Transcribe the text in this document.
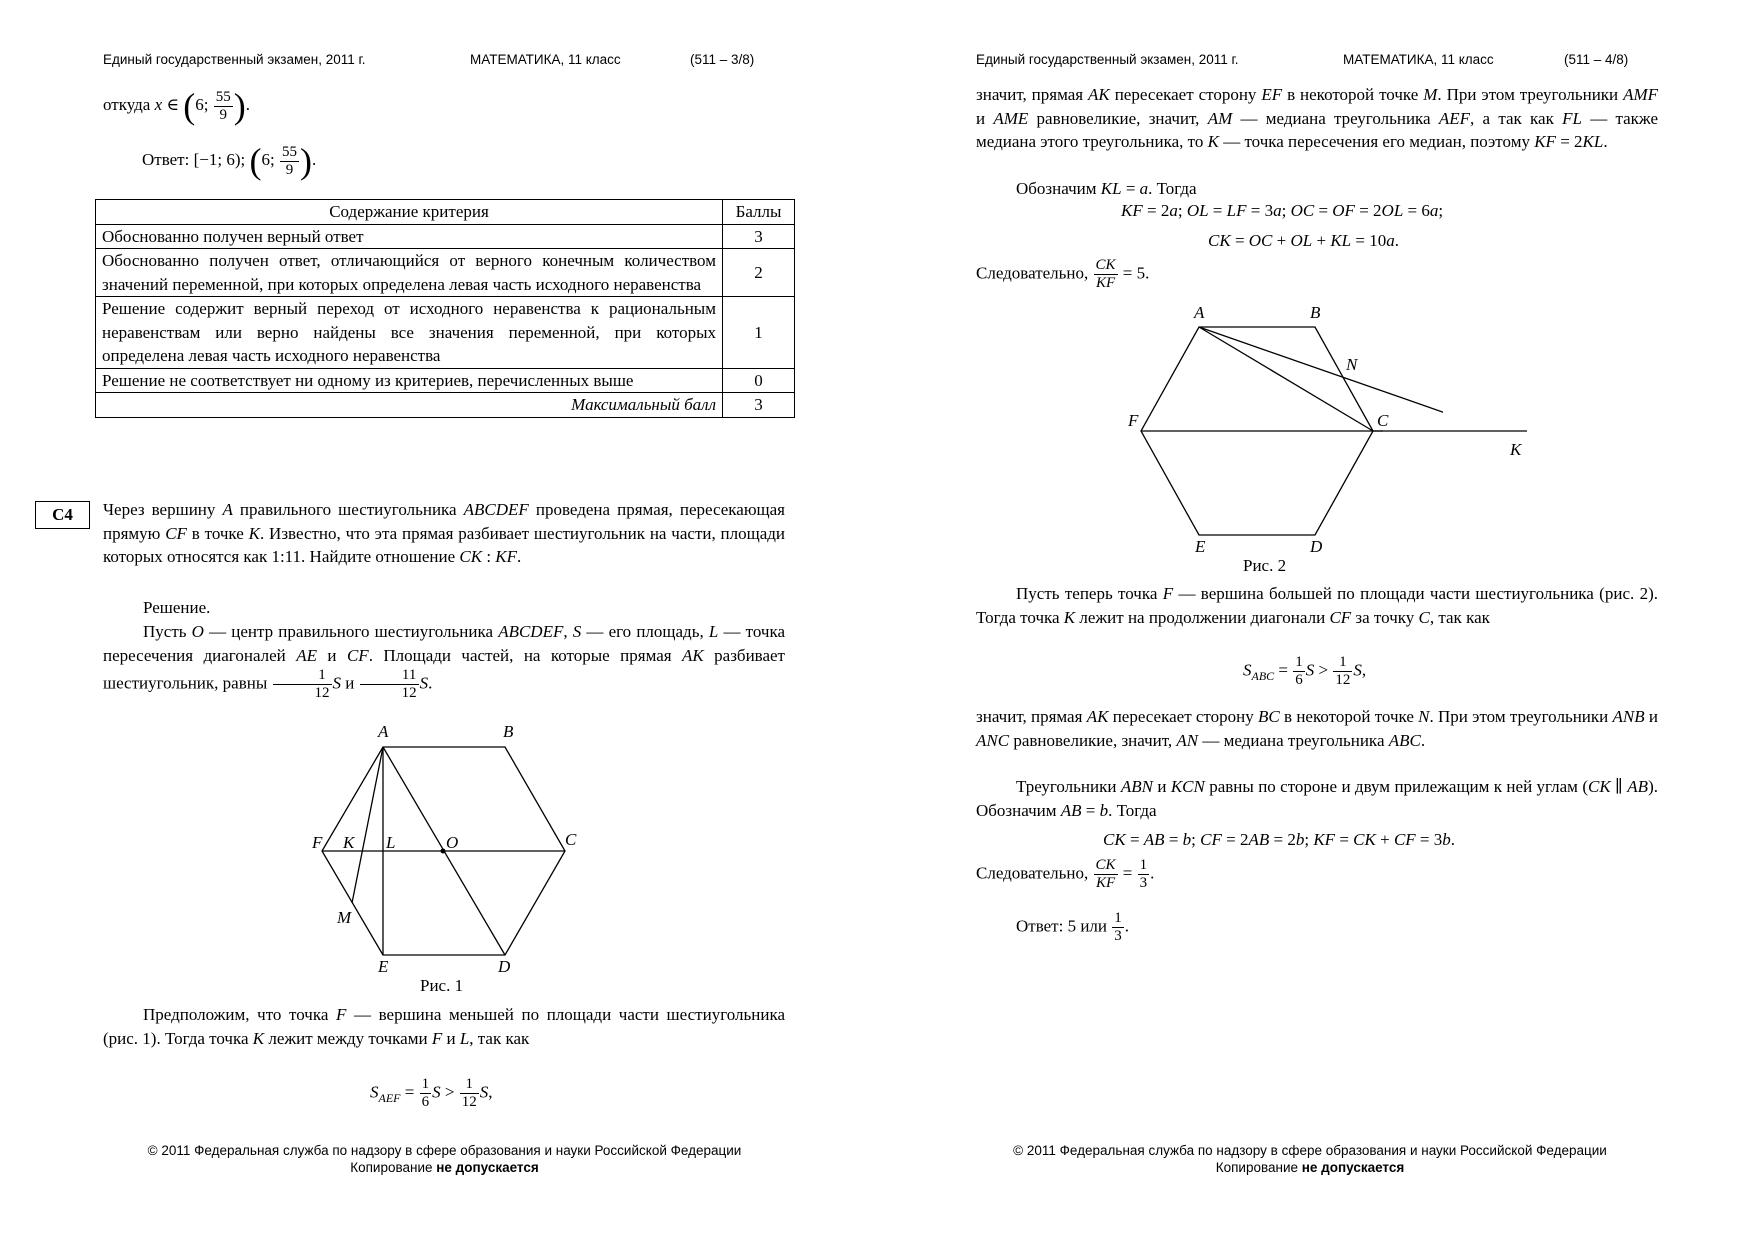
Единый государственный экзамен, 2011 г.	МАТЕМАТИКА, 11 класс	(511 – 3/8)
откуда x ∈ (6; $\frac{55}{9}$ ).
Ответ: [−1; 6); (6; $\frac{55}{9}$ ).
Содержание критерия	Баллы
Обоснованно получен верный ответ	3
Обоснованно получен ответ, отличающийся от верного конечным количеством значений переменной, при которых определена левая часть исходного неравенства	2
Решение содержит верный переход от исходного неравенства к рациональным неравенствам или верно найдены все значения переменной, при которых определена левая часть исходного неравенства	1
Решение не соответствует ни одному из критериев, перечисленных выше	0
Максимальный балл	3
C4	Через вершину A правильного шестиугольника ABCDEF проведена прямая, пересекающая прямую CF в точке K. Известно, что эта прямая разбивает шестиугольник на части, площади которых относятся как 1:11. Найдите отношение CK : KF.
Решение.
Пусть O — центр правильного шестиугольника ABCDEF, S — его площадь, L — точка пересечения диагоналей AE и CF. Площади частей, на которые прямая AK разбивает шестиугольник, равны $\frac{1}{12}$ S и $\frac{11}{12} S$.
A	B
C
D
E
F K L	O
M
Рис. 1
Предположим, что точка F — вершина меньшей по площади части шестиугольника (рис. 1). Тогда точка K лежит между точками F и L, так как
$S_{AEF} = \frac{1}{6}$ $S > \frac{1}{12} S$,
© 2011 Федеральная служба по надзору в сфере образования и науки Российской Федерации
Копирование не допускается
Единый государственный экзамен, 2011 г.	МАТЕМАТИКА, 11 класс	(511 – 4/8)
значит, прямая AK пересекает сторону EF в некоторой точке M. При этом треугольники AMF и AME равновеликие, значит, AM — медиана треугольника AEF, а так как FL — также медиана этого треугольника, то K — точка пересечения его медиан, поэтому KF = 2KL.
Обозначим KL = a. Тогда
KF = 2a; OL = LF = 3a; OC = OF = 2OL = 6a;
CK = OC + OL + KL = 10a.
Следовательно, $\frac{CK}{KF} = 5$.
A	B
C
D
E
F
N
K
Рис. 2
Пусть теперь точка F — вершина большей по площади части шестиугольника (рис. 2). Тогда точка K лежит на продолжении диагонали CF за точку C, так как
$S_{ABC} = \frac{1}{6}$ $S > \frac{1}{12} S$,
значит, прямая AK пересекает сторону BC в некоторой точке N. При этом треугольники ANB и ANC равновеликие, значит, AN — медиана треугольника ABC.
Треугольники ABN и KCN равны по стороне и двум прилежащим к ней углам (CK ∥ AB). Обозначим AB = b. Тогда
CK = AB = b; CF = 2AB = 2b; KF = CK + CF = 3b.
Следовательно, $\frac{CK}{KF} = \frac{1}{3}$ .
Ответ: 5 или $\frac{1}{3}$ .
© 2011 Федеральная служба по надзору в сфере образования и науки Российской Федерации
Копирование не допускается
